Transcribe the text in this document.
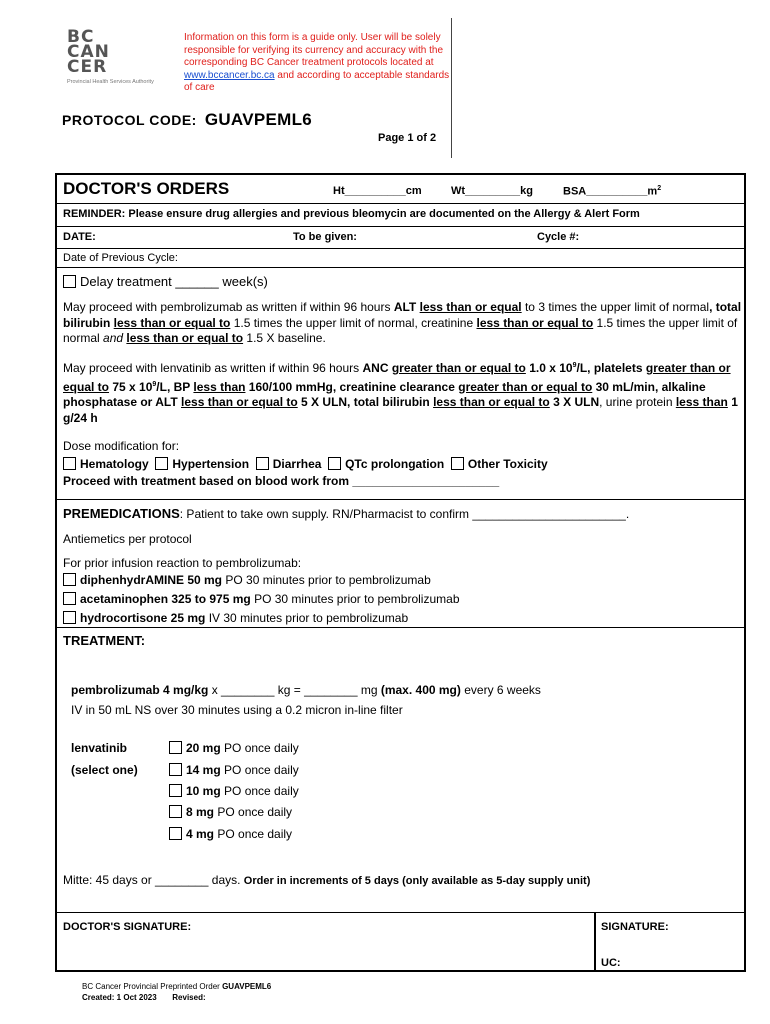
BC
CAN
CER
Provincial Health Services Authority
Information on this form is a guide only. User will be solely responsible for verifying its currency and accuracy with the corresponding BC Cancer treatment protocols located at www.bccancer.bc.ca and according to acceptable standards of care
PROTOCOL CODE: GUAVPEML6
Page 1 of 2
DOCTOR'S ORDERS	Ht__________cm	Wt_________kg	$BSA\_\_\_\_\_\_\_\_\_\_m^2$
REMINDER: Please ensure drug allergies and previous bleomycin are documented on the Allergy & Alert Form
DATE:	To be given:	Cycle #:
Date of Previous Cycle:
Delay treatment ______ week(s)
May proceed with pembrolizumab as written if within 96 hours ALT less than or equal to 3 times the upper limit of normal, total bilirubin less than or equal to 1.5 times the upper limit of normal, creatinine less than or equal to 1.5 times the upper limit of normal and less than or equal to 1.5 X baseline.
May proceed with lenvatinib as written if within 96 hours ANC greater than or equal to 1.0 x $10^9/L$, platelets greater than or equal to 75 x $10^9/L$, BP less than 160/100 mmHg, creatinine clearance greater than or equal to 30 mL/min, alkaline phosphatase or ALT less than or equal to 5 X ULN, total bilirubin less than or equal to 3 X ULN, urine protein less than 1 g/24 h
Dose modification for:
Hematology Hypertension Diarrhea QTc prolongation Other Toxicity
Proceed with treatment based on blood work from ______________________
PREMEDICATIONS: Patient to take own supply. RN/Pharmacist to confirm _______________________.
Antiemetics per protocol
For prior infusion reaction to pembrolizumab:
diphenhydrAMINE 50 mg PO 30 minutes prior to pembrolizumab
acetaminophen 325 to 975 mg PO 30 minutes prior to pembrolizumab
hydrocortisone 25 mg IV 30 minutes prior to pembrolizumab
TREATMENT:
pembrolizumab 4 mg/kg x ________ kg = ________ mg (max. 400 mg) every 6 weeks
IV in 50 mL NS over 30 minutes using a 0.2 micron in-line filter
lenvatinib
(select one)
20 mg PO once daily
14 mg PO once daily
10 mg PO once daily
8 mg PO once daily
4 mg PO once daily
Mitte: 45 days or ________ days. Order in increments of 5 days (only available as 5-day supply unit)
DOCTOR'S SIGNATURE:	SIGNATURE:
UC:
BC Cancer Provincial Preprinted Order GUAVPEML6
Created: 1 Oct 2023 Revised:
